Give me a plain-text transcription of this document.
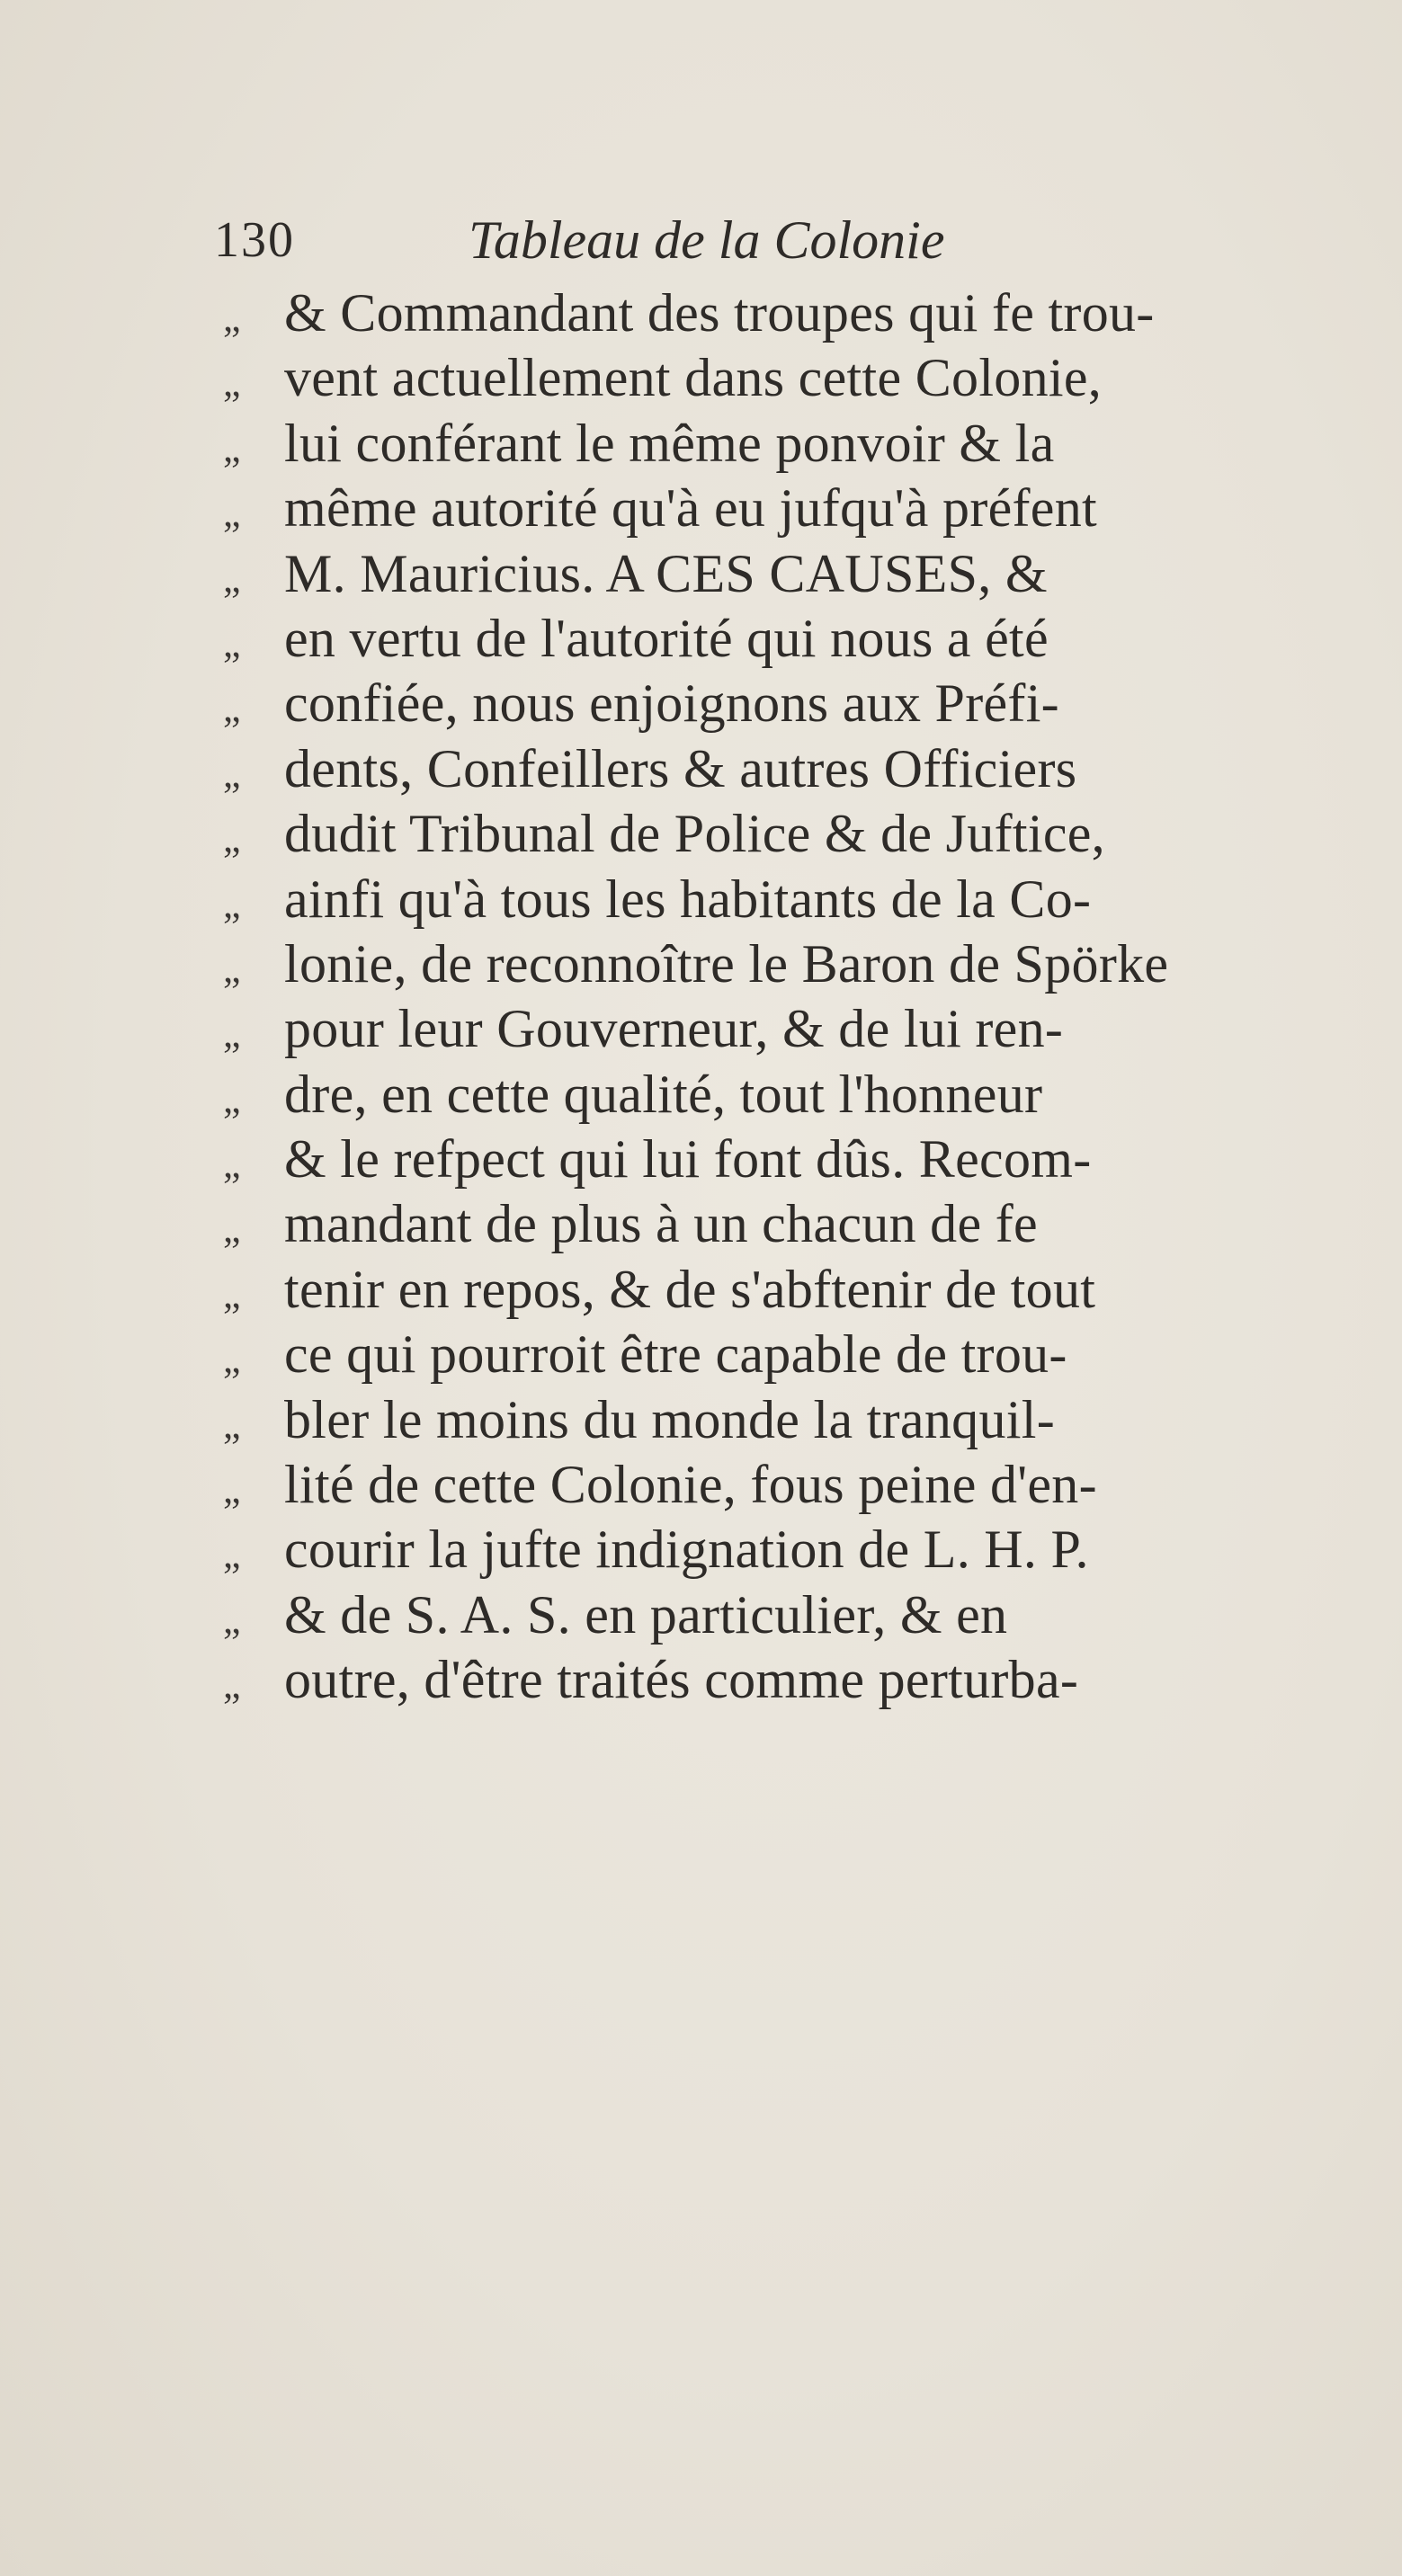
130	Tableau de la Colonie
„ & Commandant des troupes qui fe trou-
„ vent actuellement dans cette Colonie,
„ lui conférant le même ponvoir & la
„ même autorité qu'à eu jufqu'à préfent
„ M. Mauricius. A CES CAUSES, &
„ en vertu de l'autorité qui nous a été
„ confiée, nous enjoignons aux Préfi-
„ dents, Confeillers & autres Officiers
„ dudit Tribunal de Police & de Juftice,
„ ainfi qu'à tous les habitants de la Co-
„ lonie, de reconnoître le Baron de Spörke
„ pour leur Gouverneur, & de lui ren-
„ dre, en cette qualité, tout l'honneur
„ & le refpect qui lui font dûs. Recom-
„ mandant de plus à un chacun de fe
„ tenir en repos, & de s'abftenir de tout
„ ce qui pourroit être capable de trou-
„ bler le moins du monde la tranquil-
„ lité de cette Colonie, fous peine d'en-
„ courir la jufte indignation de L. H. P.
„ & de S. A. S. en particulier, & en
„ outre, d'être traités comme perturba-
